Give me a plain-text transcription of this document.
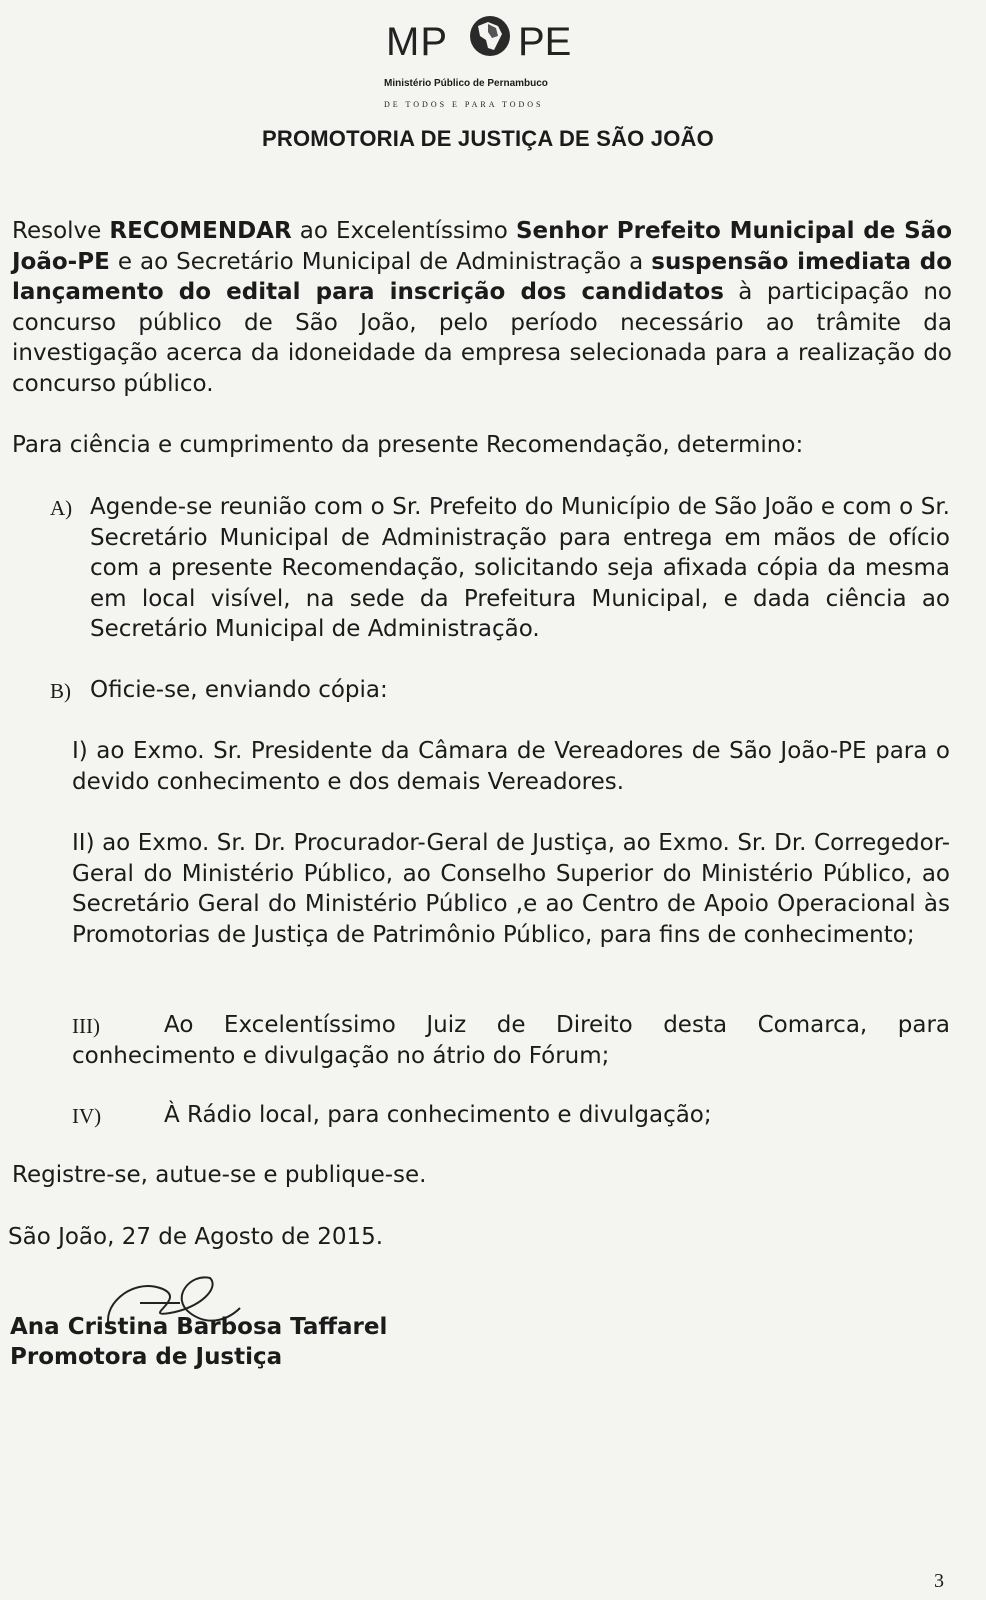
MP PE
Ministério Público de Pernambuco
DE TODOS E PARA TODOS
PROMOTORIA DE JUSTIÇA DE SÃO JOÃO
Resolve RECOMENDAR ao Excelentíssimo Senhor Prefeito Municipal de São João-PE e ao Secretário Municipal de Administração a suspensão imediata do lançamento do edital para inscrição dos candidatos à participação no concurso público de São João, pelo período necessário ao trâmite da investigação acerca da idoneidade da empresa selecionada para a realização do concurso público.
Para ciência e cumprimento da presente Recomendação, determino:
A) Agende-se reunião com o Sr. Prefeito do Município de São João e com o Sr. Secretário Municipal de Administração para entrega em mãos de ofício com a presente Recomendação, solicitando seja afixada cópia da mesma em local visível, na sede da Prefeitura Municipal, e dada ciência ao Secretário Municipal de Administração.
B) Oficie-se, enviando cópia:
I) ao Exmo. Sr. Presidente da Câmara de Vereadores de São João-PE para o devido conhecimento e dos demais Vereadores.
II) ao Exmo. Sr. Dr. Procurador-Geral de Justiça, ao Exmo. Sr. Dr. Corregedor-Geral do Ministério Público, ao Conselho Superior do Ministério Público, ao Secretário Geral do Ministério Público ,e ao Centro de Apoio Operacional às Promotorias de Justiça de Patrimônio Público, para fins de conhecimento;
III)	Ao Excelentíssimo Juiz de Direito desta Comarca, para conhecimento e divulgação no átrio do Fórum;
IV)	À Rádio local, para conhecimento e divulgação;
Registre-se, autue-se e publique-se.
São João, 27 de Agosto de 2015.
Ana Cristina Barbosa Taffarel
Promotora de Justiça
3
